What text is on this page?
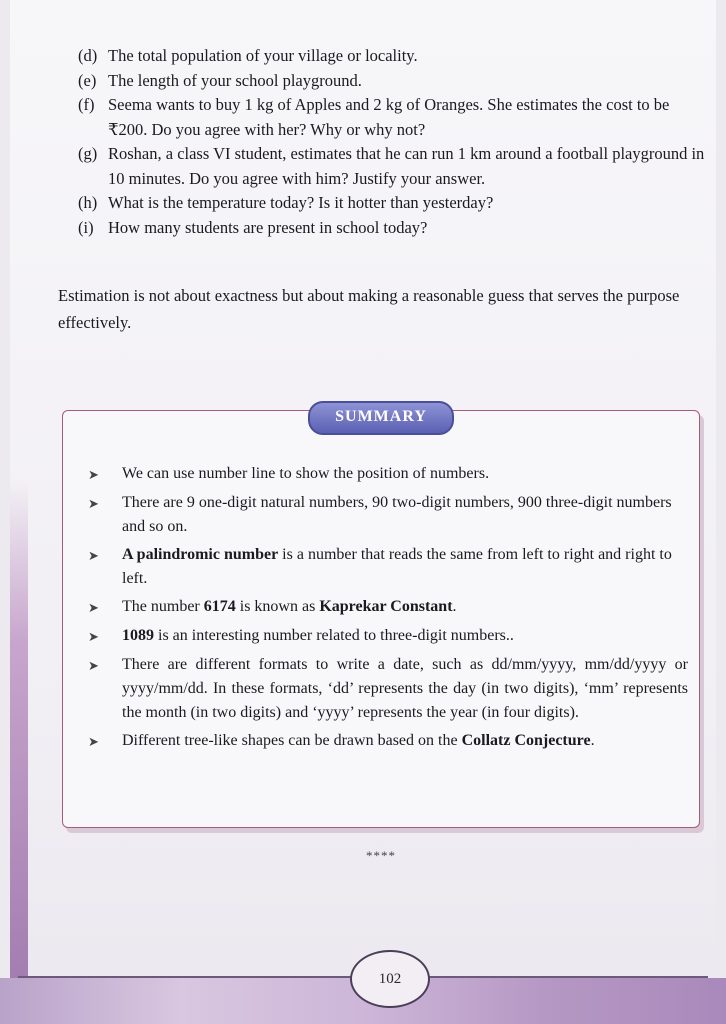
(d) The total population of your village or locality.
(e) The length of your school playground.
(f) Seema wants to buy 1 kg of Apples and 2 kg of Oranges. She estimates the cost to be ₹200. Do you agree with her? Why or why not?
(g) Roshan, a class VI student, estimates that he can run 1 km around a football playground in 10 minutes. Do you agree with him? Justify your answer.
(h) What is the temperature today? Is it hotter than yesterday?
(i) How many students are present in school today?
Estimation is not about exactness but about making a reasonable guess that serves the purpose effectively.
SUMMARY
➤	We can use number line to show the position of numbers.
➤	There are 9 one-digit natural numbers, 90 two-digit numbers, 900 three-digit numbers and so on.
➤	A palindromic number is a number that reads the same from left to right and right to left.
➤	The number 6174 is known as Kaprekar Constant.
➤	1089 is an interesting number related to three-digit numbers..
➤	There are different formats to write a date, such as dd/mm/yyyy, mm/dd/yyyy or yyyy/mm/dd. In these formats, ‘dd’ represents the day (in two digits), ‘mm’ represents the month (in two digits) and ‘yyyy’ represents the year (in four digits).
➤	Different tree-like shapes can be drawn based on the Collatz Conjecture.
****
102
